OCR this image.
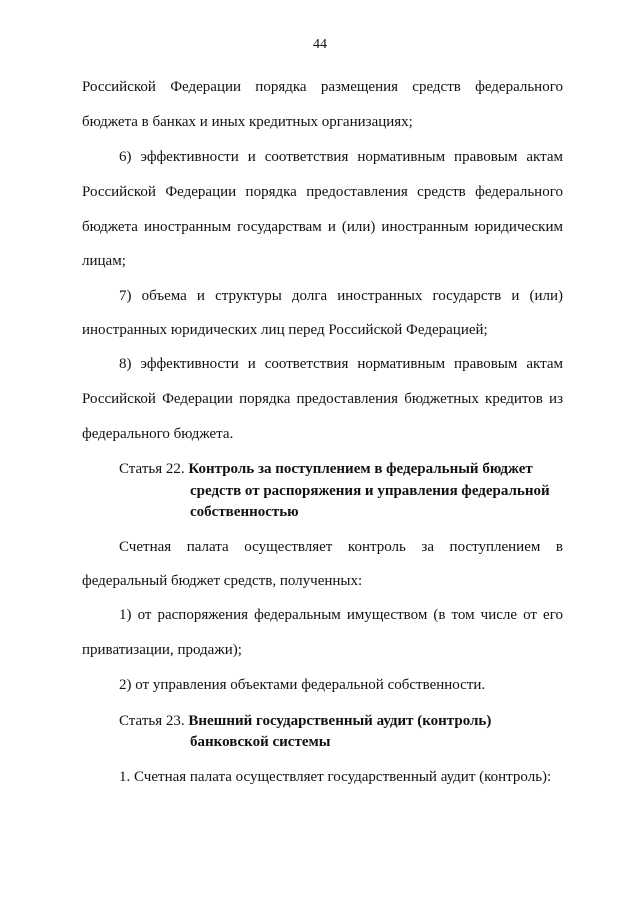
44
Российской Федерации порядка размещения средств федерального
бюджета в банках и иных кредитных организациях;
6) эффективности и соответствия нормативным правовым актам
Российской Федерации порядка предоставления средств федерального
бюджета иностранным государствам и (или) иностранным юридическим
лицам;
7) объема и структуры долга иностранных государств и (или)
иностранных юридических лиц перед Российской Федерацией;
8) эффективности и соответствия нормативным правовым актам
Российской Федерации порядка предоставления бюджетных кредитов из
федерального бюджета.
Статья 22. Контроль за поступлением в федеральный бюджет
средств от распоряжения и управления федеральной
собственностью
Счетная палата осуществляет контроль за поступлением в
федеральный бюджет средств, полученных:
1) от распоряжения федеральным имуществом (в том числе от его
приватизации, продажи);
2) от управления объектами федеральной собственности.
Статья 23. Внешний государственный аудит (контроль)
банковской системы
1. Счетная палата осуществляет государственный аудит (контроль):
